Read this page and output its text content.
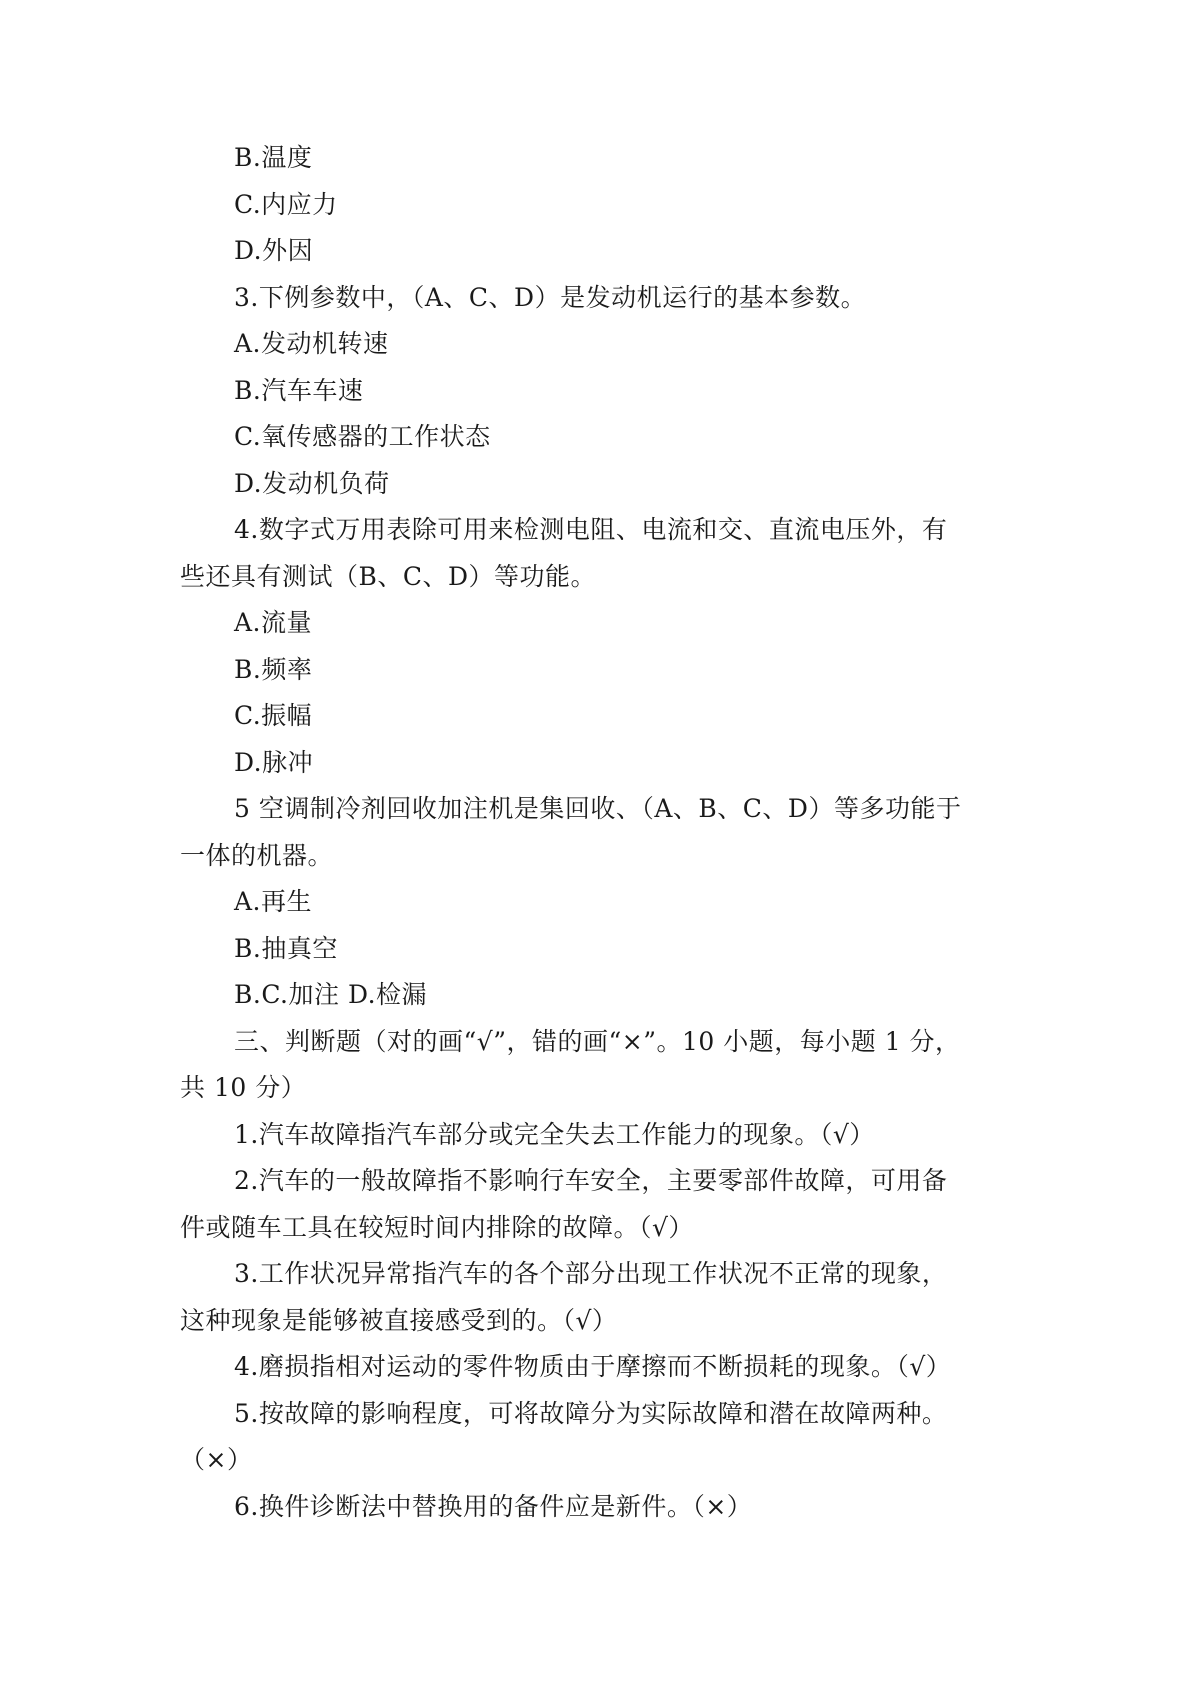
B.温度
C.内应力
D.外因
3.下例参数中，（A、C、D）是发动机运行的基本参数。
A.发动机转速
B.汽车车速
C.氧传感器的工作状态
D.发动机负荷
4.数字式万用表除可用来检测电阻、电流和交、直流电压外，有
些还具有测试（B、C、D）等功能。
A.流量
B.频率
C.振幅
D.脉冲
5 空调制冷剂回收加注机是集回收、（A、B、C、D）等多功能于
一体的机器。
A.再生
B.抽真空
B.C.加注 D.检漏
三、判断题（对的画“√”，错的画“×”。10 小题，每小题 1 分，
共 10 分）
1.汽车故障指汽车部分或完全失去工作能力的现象。（√）
2.汽车的一般故障指不影响行车安全，主要零部件故障，可用备
件或随车工具在较短时间内排除的故障。（√）
3.工作状况异常指汽车的各个部分出现工作状况不正常的现象，
这种现象是能够被直接感受到的。（√）
4.磨损指相对运动的零件物质由于摩擦而不断损耗的现象。（√）
5.按故障的影响程度，可将故障分为实际故障和潜在故障两种。
（×）
6.换件诊断法中替换用的备件应是新件。（×）
